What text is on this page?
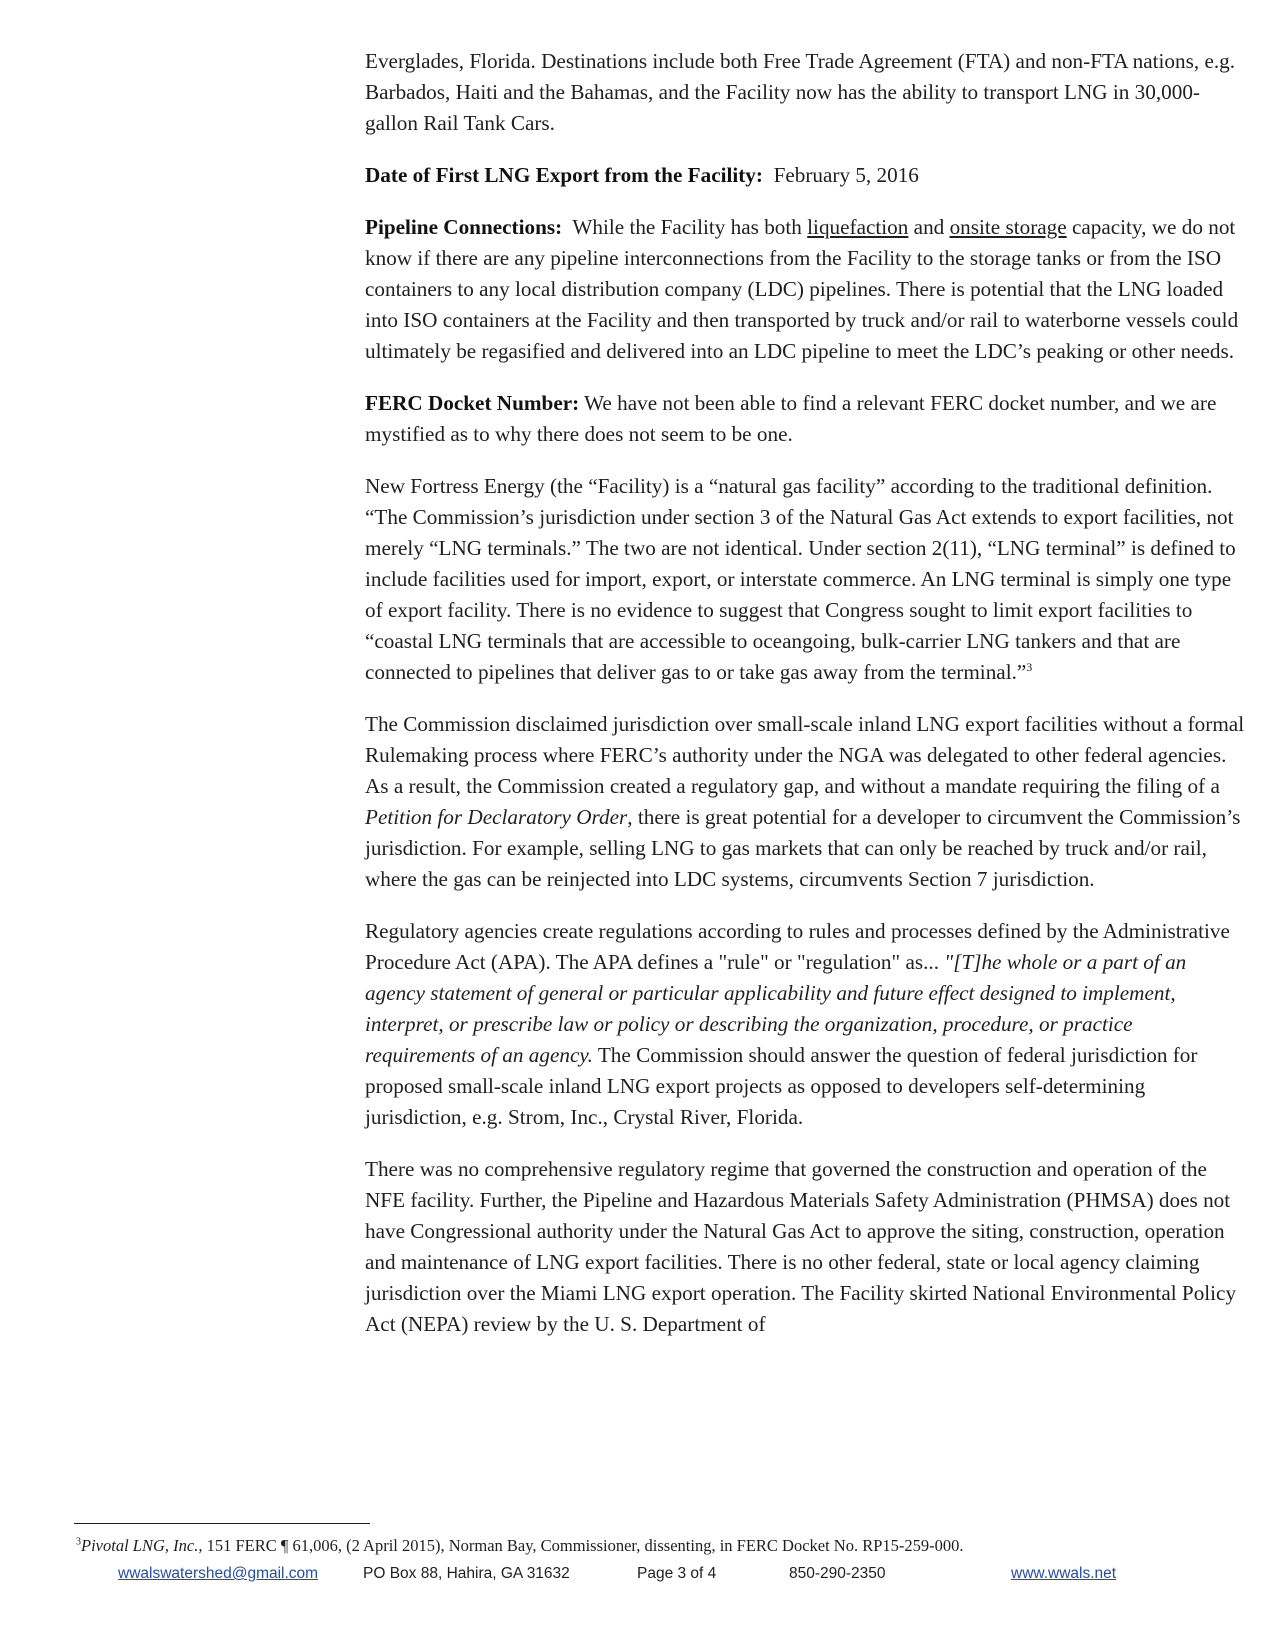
Everglades, Florida. Destinations include both Free Trade Agreement (FTA) and non-FTA nations, e.g. Barbados, Haiti and the Bahamas, and the Facility now has the ability to transport LNG in 30,000-gallon Rail Tank Cars.

Date of First LNG Export from the Facility: February 5, 2016

Pipeline Connections: While the Facility has both liquefaction and onsite storage capacity, we do not know if there are any pipeline interconnections from the Facility to the storage tanks or from the ISO containers to any local distribution company (LDC) pipelines. There is potential that the LNG loaded into ISO containers at the Facility and then transported by truck and/or rail to waterborne vessels could ultimately be regasified and delivered into an LDC pipeline to meet the LDC’s peaking or other needs.

FERC Docket Number: We have not been able to find a relevant FERC docket number, and we are mystified as to why there does not seem to be one.

New Fortress Energy (the “Facility) is a “natural gas facility” according to the traditional definition. “The Commission’s jurisdiction under section 3 of the Natural Gas Act extends to export facilities, not merely “LNG terminals.” The two are not identical. Under section 2(11), “LNG terminal” is defined to include facilities used for import, export, or interstate commerce. An LNG terminal is simply one type of export facility. There is no evidence to suggest that Congress sought to limit export facilities to “coastal LNG terminals that are accessible to oceangoing, bulk-carrier LNG tankers and that are connected to pipelines that deliver gas to or take gas away from the terminal.”$^3$

The Commission disclaimed jurisdiction over small-scale inland LNG export facilities without a formal Rulemaking process where FERC’s authority under the NGA was delegated to other federal agencies. As a result, the Commission created a regulatory gap, and without a mandate requiring the filing of a Petition for Declaratory Order, there is great potential for a developer to circumvent the Commission’s jurisdiction. For example, selling LNG to gas markets that can only be reached by truck and/or rail, where the gas can be reinjected into LDC systems, circumvents Section 7 jurisdiction.

Regulatory agencies create regulations according to rules and processes defined by the Administrative Procedure Act (APA). The APA defines a "rule" or "regulation" as... "[T]he whole or a part of an agency statement of general or particular applicability and future effect designed to implement, interpret, or prescribe law or policy or describing the organization, procedure, or practice requirements of an agency. The Commission should answer the question of federal jurisdiction for proposed small-scale inland LNG export projects as opposed to developers self-determining jurisdiction, e.g. Strom, Inc., Crystal River, Florida.

There was no comprehensive regulatory regime that governed the construction and operation of the NFE facility. Further, the Pipeline and Hazardous Materials Safety Administration (PHMSA) does not have Congressional authority under the Natural Gas Act to approve the siting, construction, operation and maintenance of LNG export facilities. There is no other federal, state or local agency claiming jurisdiction over the Miami LNG export operation. The Facility skirted National Environmental Policy Act (NEPA) review by the U. S. Department of

$^3$Pivotal LNG, Inc., 151 FERC ¶ 61,006, (2 April 2015), Norman Bay, Commissioner, dissenting, in FERC Docket No. RP15-259-000.
wwalswatershed@gmail.com	PO Box 88, Hahira, GA 31632	Page 3 of 4	850-290-2350	www.wwals.net
